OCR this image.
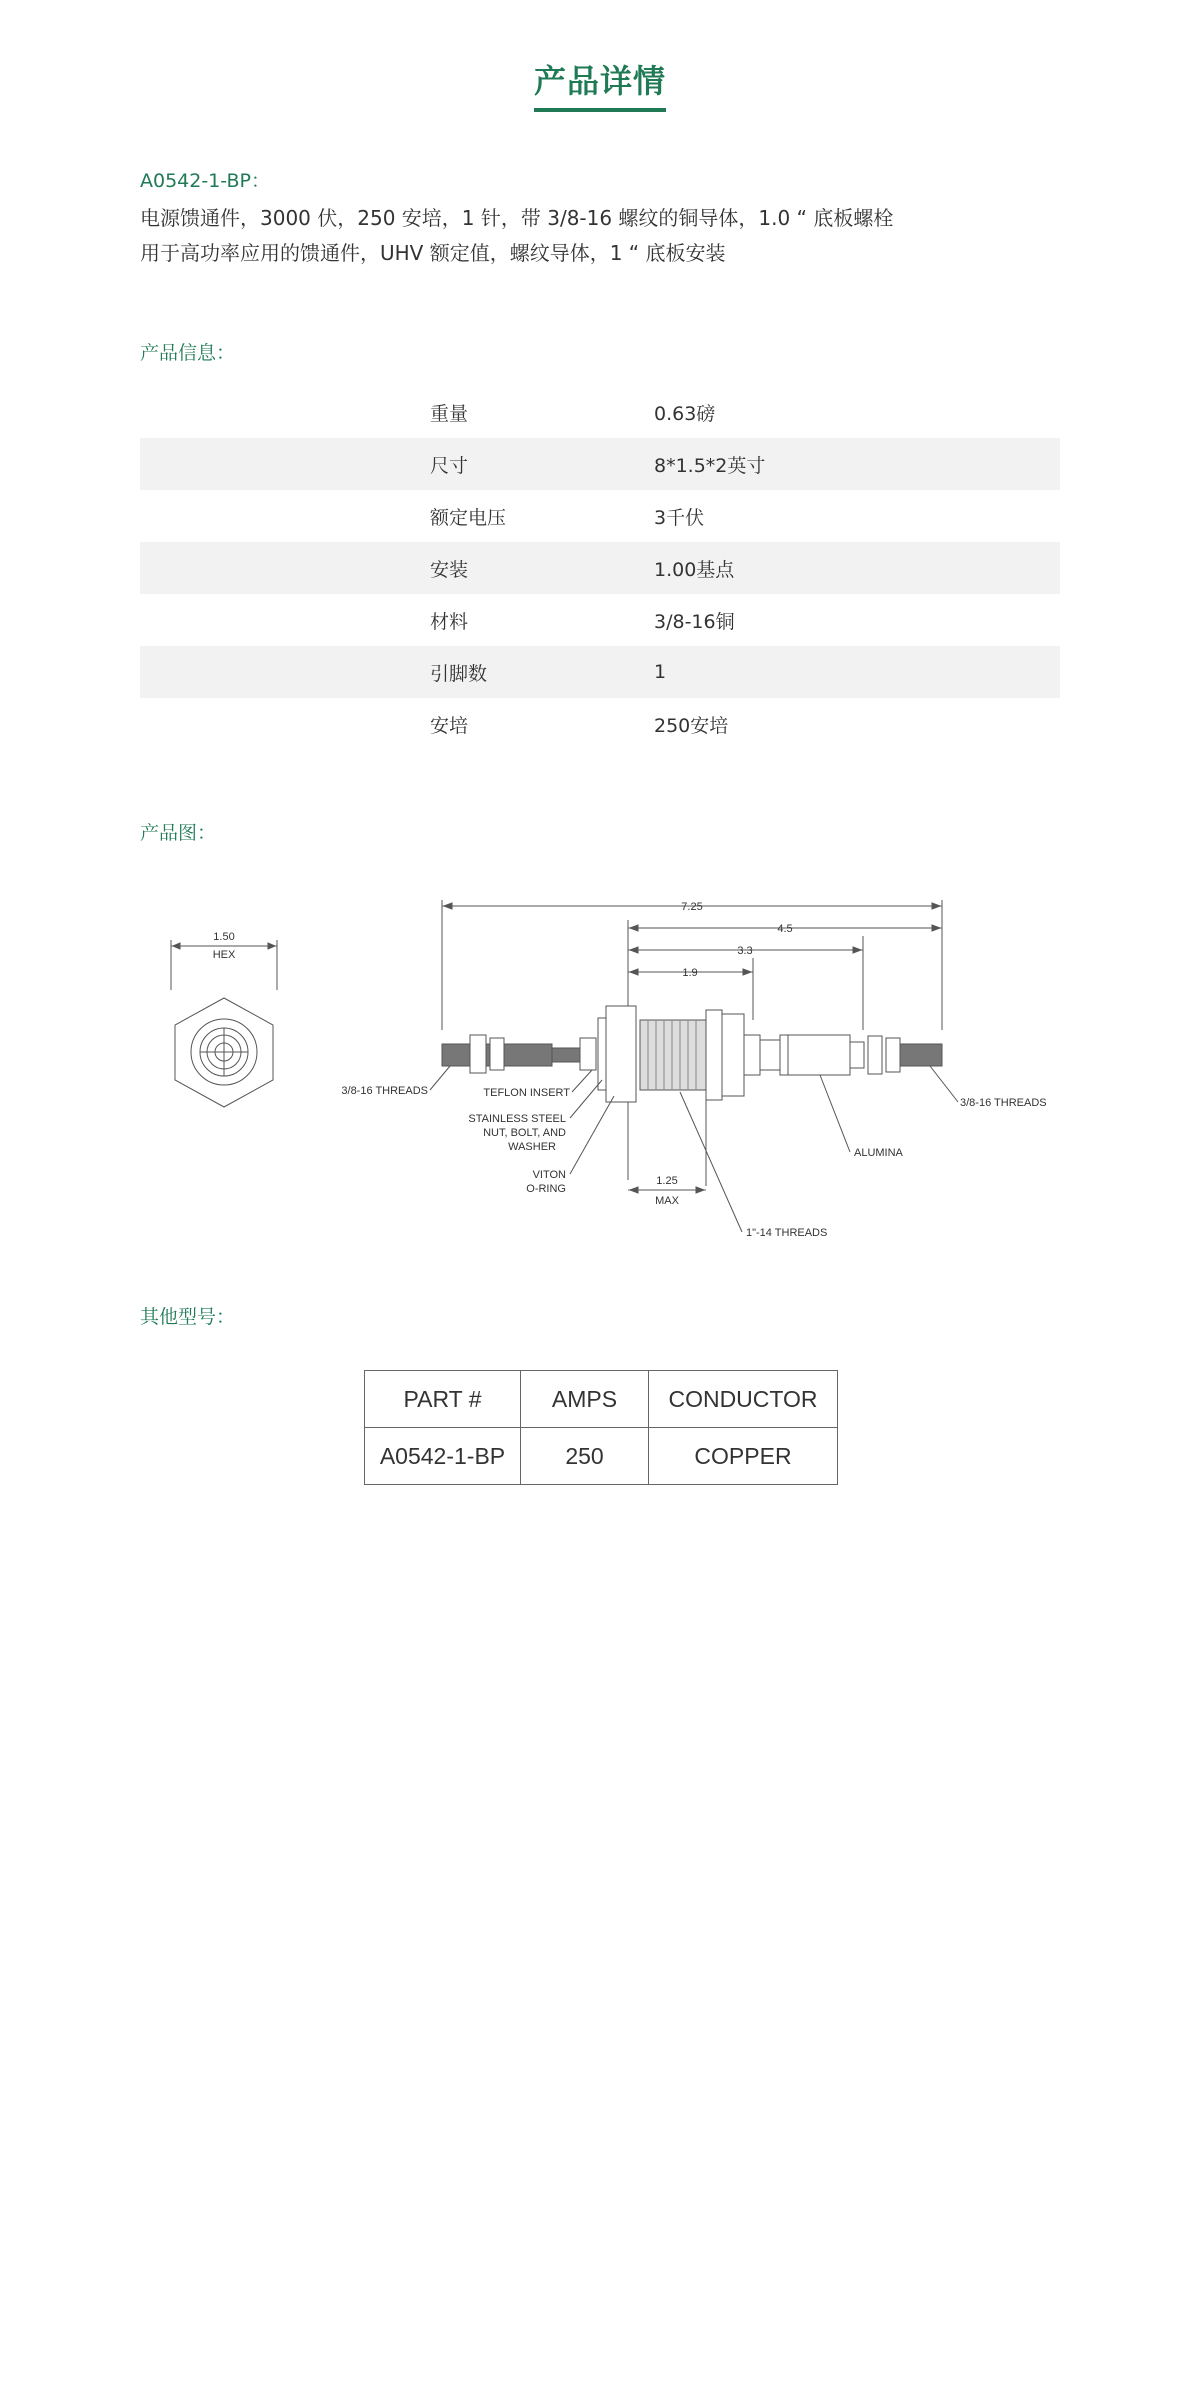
产品详情
A0542-1-BP：
电源馈通件，3000 伏，250 安培，1 针，带 3/8-16 螺纹的铜导体，1.0 “ 底板螺栓
用于高功率应用的馈通件，UHV 额定值，螺纹导体，1 “ 底板安装
产品信息：
重量	0.63磅
尺寸	8*1.5*2英寸
额定电压	3千伏
安装	1.00基点
材料	3/8-16铜
引脚数	1
安培	250安培
产品图：
1.50
HEX
7.25
4.5
3.3
1.9
1.25
MAX
3/8-16 THREADS
3/8-16 THREADS
TEFLON INSERT
STAINLESS STEEL
NUT, BOLT, AND
WASHER
VITON
O-RING
ALUMINA
1"-14 THREADS
其他型号：
PART #	AMPS	CONDUCTOR
A0542-1-BP	250	COPPER
